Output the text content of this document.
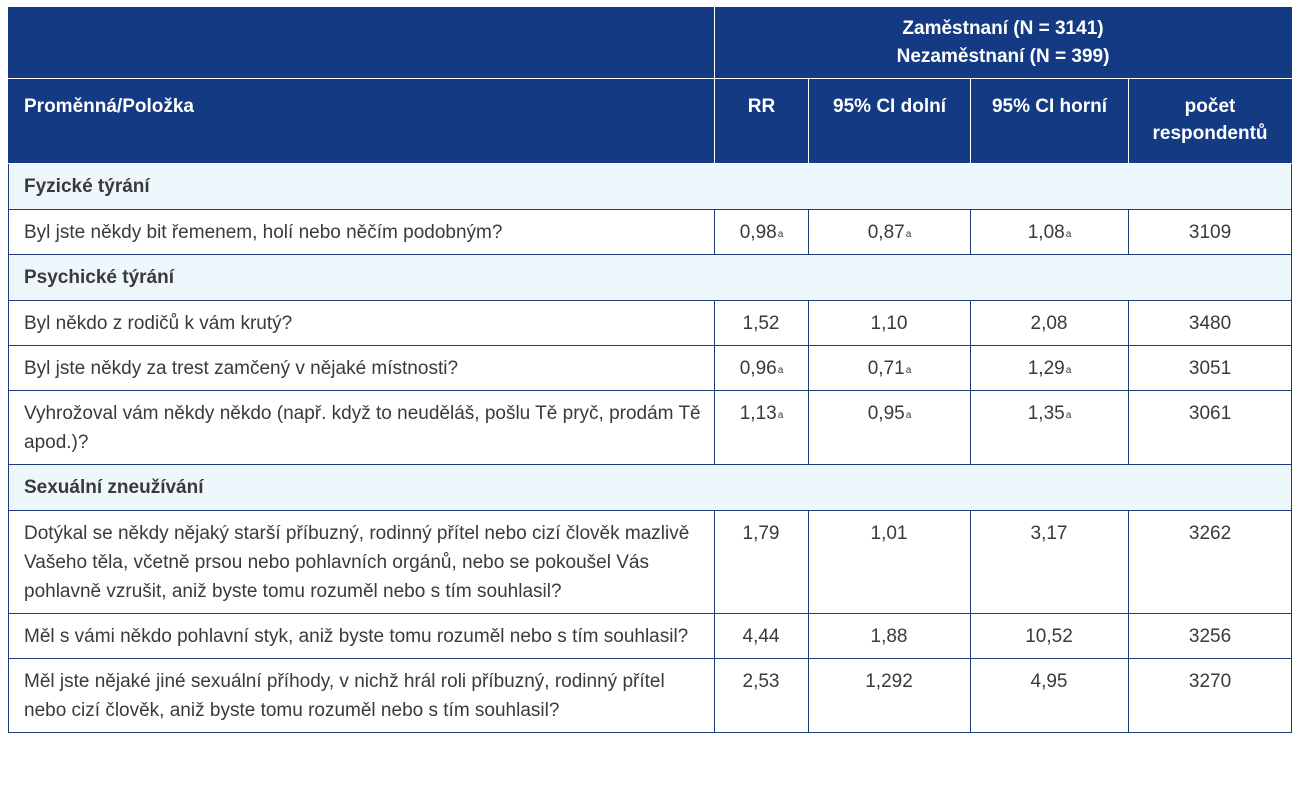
	Zaměstnaní (N = 3141)
Nezaměstnaní (N = 399)			

Proměnná/Položka	RR	95% CI dolní	95% CI horní	počet
respondentů

Fyzické týrání				
Byl jste někdy bit řemenem, holí nebo něčím podobným?	0,98$^a$	0,87$^a$	1,08$^a$	3109
Psychické týrání				
Byl někdo z rodičů k vám krutý?	1,52	1,10	2,08	3480
Byl jste někdy za trest zamčený v nějaké místnosti?	0,96$^a$	0,71$^a$	1,29$^a$	3051
Vyhrožoval vám někdy někdo (např. když to neuděláš, pošlu Tě pryč, prodám Tě apod.)?	1,13$^a$	0,95$^a$	1,35$^a$	3061
Sexuální zneužívání				
Dotýkal se někdy nějaký starší příbuzný, rodinný přítel nebo cizí člověk mazlivě Vašeho těla, včetně prsou nebo pohlavních orgánů, nebo se pokoušel Vás pohlavně vzrušit, aniž byste tomu rozuměl nebo s tím souhlasil?	1,79	1,01	3,17	3262
Měl s vámi někdo pohlavní styk, aniž byste tomu rozuměl nebo s tím souhlasil?	4,44	1,88	10,52	3256
Měl jste nějaké jiné sexuální příhody, v nichž hrál roli příbuzný, rodinný přítel nebo cizí člověk, aniž byste tomu rozuměl nebo s tím souhlasil?	2,53	1,292	4,95	3270
